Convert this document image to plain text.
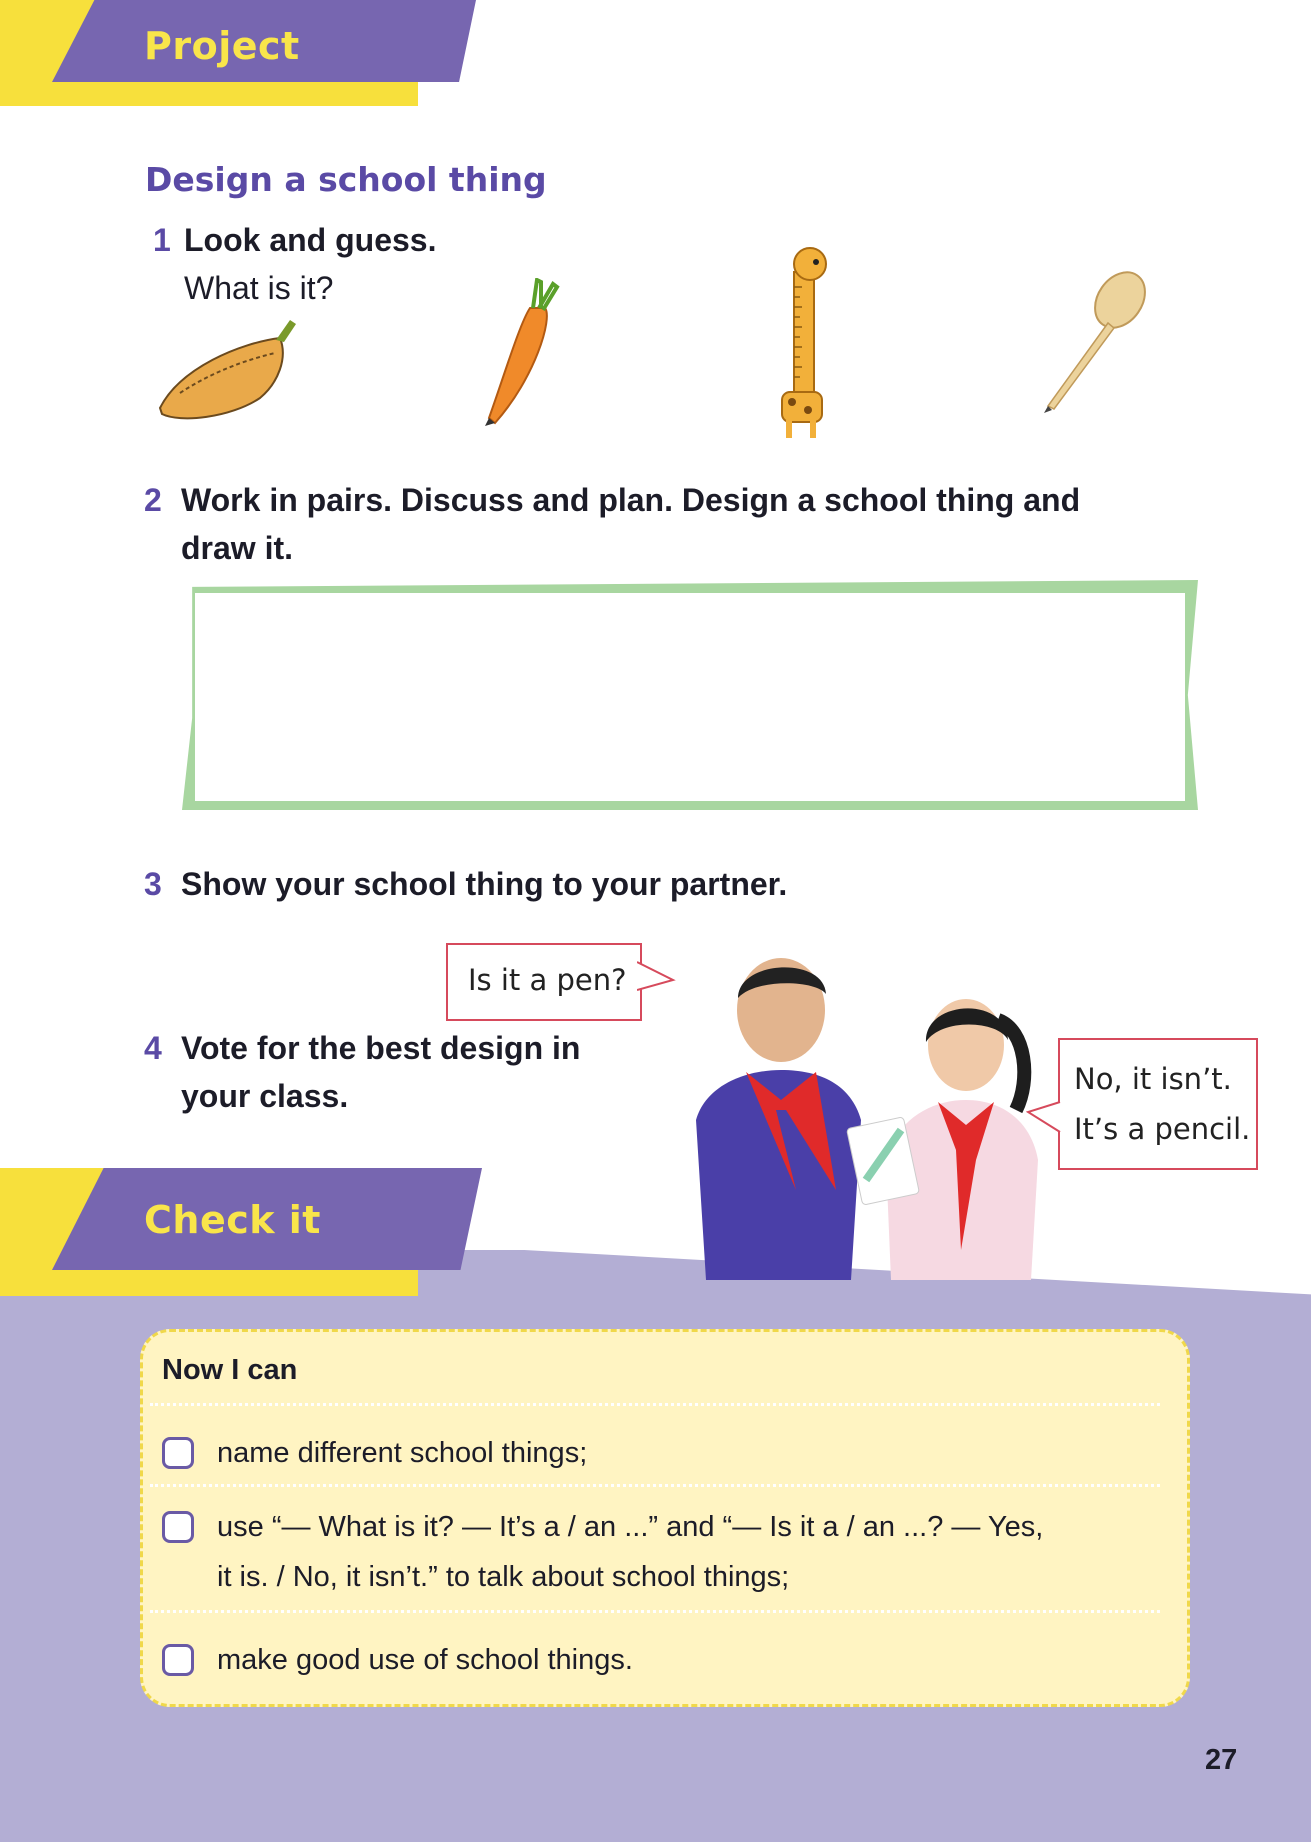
Project
Design a school thing
1 Look and guess.
What is it?
2 Work in pairs. Discuss and plan. Design a school thing and
draw it.
3 Show your school thing to your partner.
4 Vote for the best design in
your class.
Is it a pen?
No, it isn’t.
It’s a pencil.
Check it
Now I can
name different school things;
use “— What is it? — It’s a / an ...” and “— Is it a / an ...? — Yes,
it is. / No, it isn’t.” to talk about school things;
make good use of school things.
27
